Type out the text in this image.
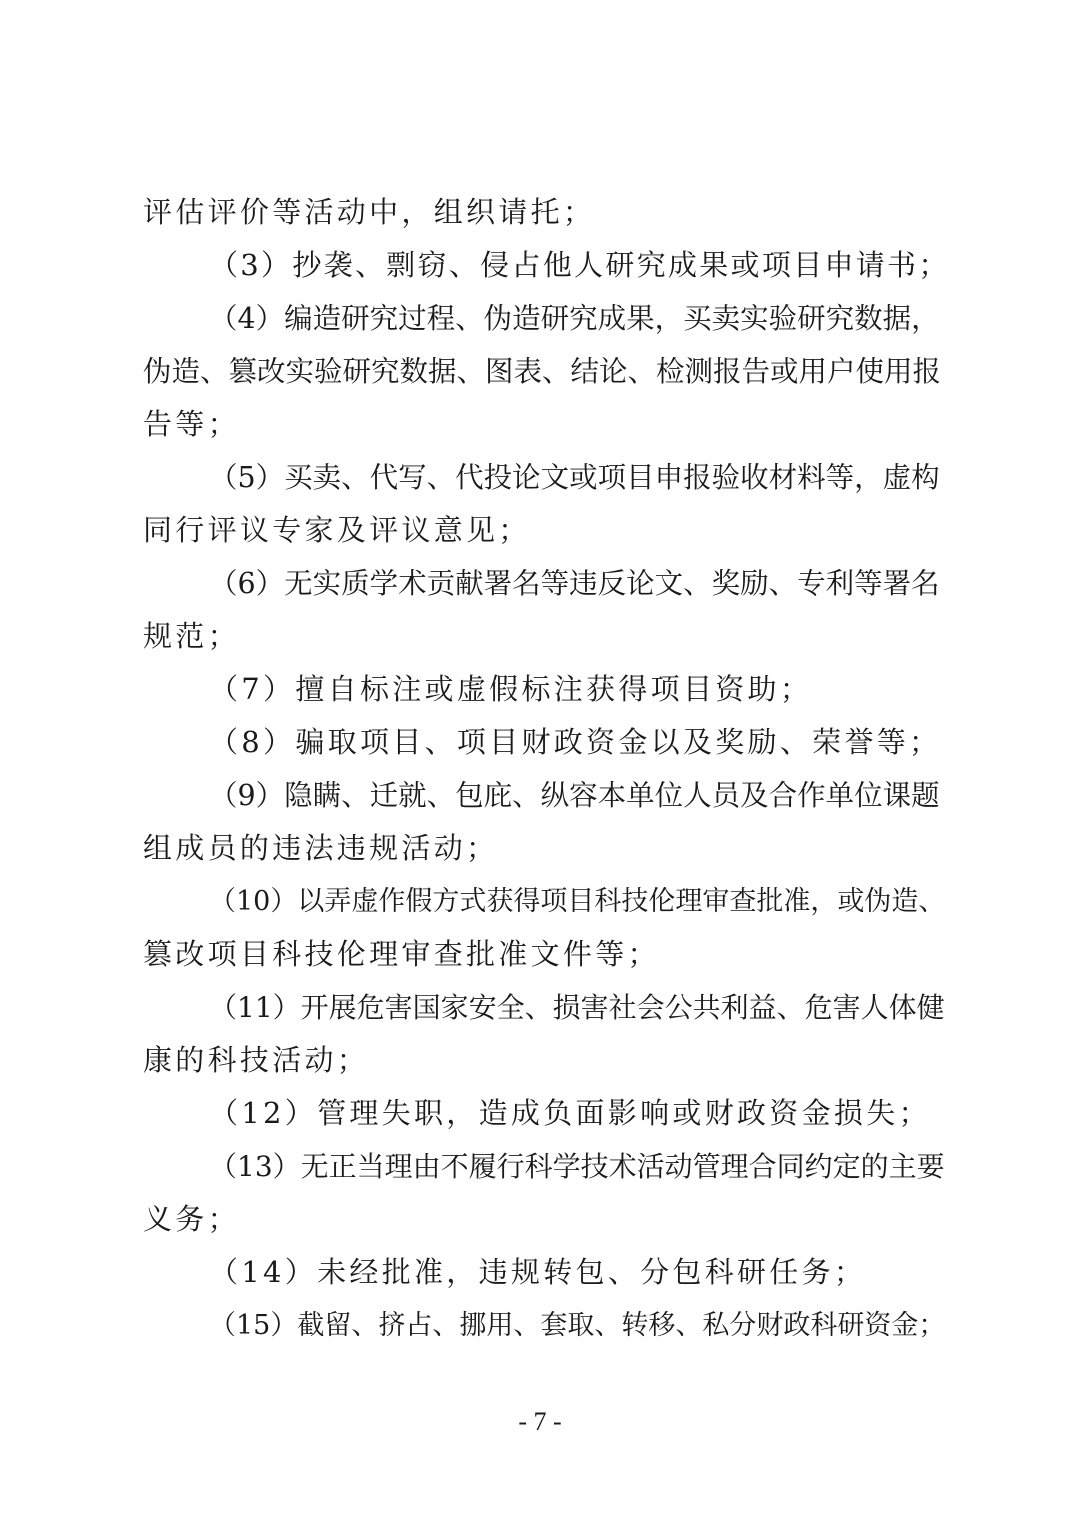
评估评价等活动中，组织请托；
（3）抄袭、剽窃、侵占他人研究成果或项目申请书；
（4）编造研究过程、伪造研究成果，买卖实验研究数据，
伪造、篡改实验研究数据、图表、结论、检测报告或用户使用报
告等；
（5）买卖、代写、代投论文或项目申报验收材料等，虚构
同行评议专家及评议意见；
（6）无实质学术贡献署名等违反论文、奖励、专利等署名
规范；
（7）擅自标注或虚假标注获得项目资助；
（8）骗取项目、项目财政资金以及奖励、荣誉等；
（9）隐瞒、迁就、包庇、纵容本单位人员及合作单位课题
组成员的违法违规活动；
（10）以弄虚作假方式获得项目科技伦理审查批准，或伪造、
篡改项目科技伦理审查批准文件等；
（11）开展危害国家安全、损害社会公共利益、危害人体健
康的科技活动；
（12）管理失职，造成负面影响或财政资金损失；
（13）无正当理由不履行科学技术活动管理合同约定的主要
义务；
（14）未经批准，违规转包、分包科研任务；
（15）截留、挤占、挪用、套取、转移、私分财政科研资金；
- 7 -
